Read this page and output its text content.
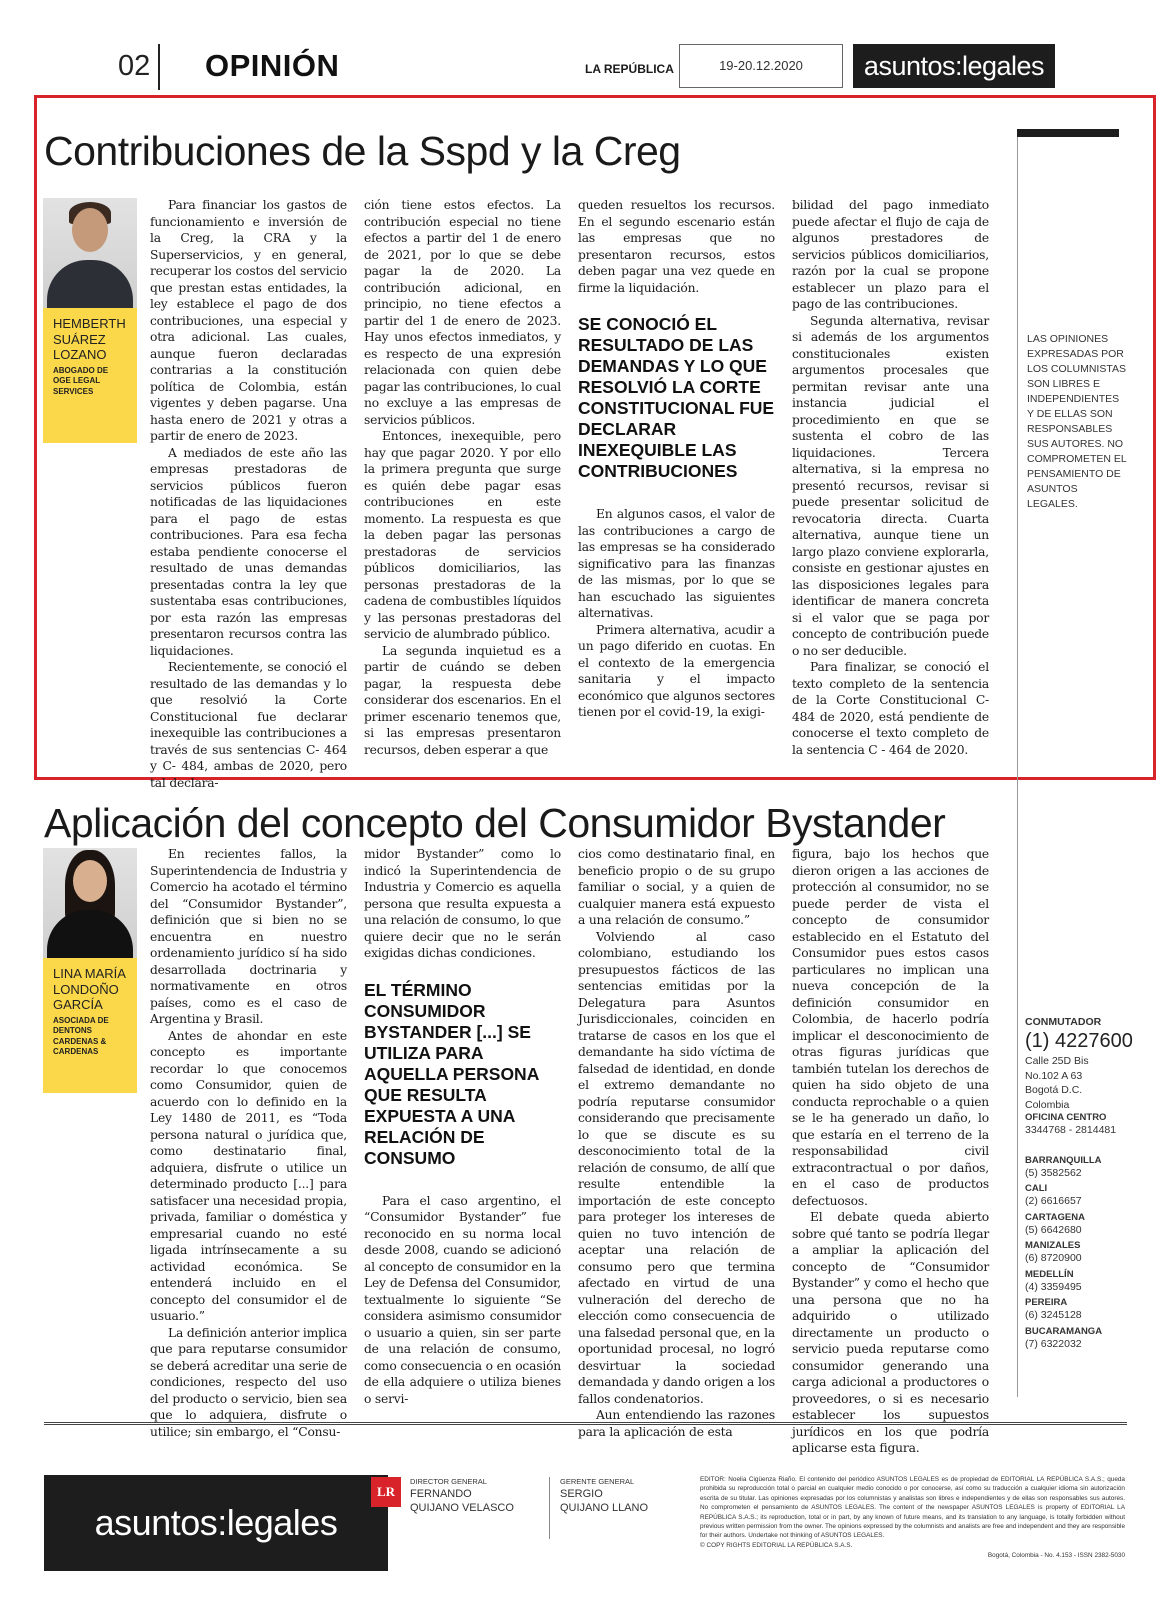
02 OPINIÓN	LA REPÚBLICA	19-20.12.2020	asuntos:legales
Contribuciones de la Sspd y la Creg
HEMBERTH SUÁREZ LOZANO
ABOGADO DE OGE LEGAL SERVICES

Para financiar los gastos de funcionamiento e inversión de la Creg, la CRA y la Superservicios, y en general, recuperar los costos del servicio que prestan estas entidades, la ley establece el pago de dos contribuciones, una especial y otra adicional. Las cuales, aunque fueron declaradas contrarias a la constitución política de Colombia, están vigentes y deben pagarse. Una hasta enero de 2021 y otras a partir de enero de 2023.

A mediados de este año las empresas prestadoras de servicios públicos fueron notificadas de las liquidaciones para el pago de estas contribuciones. Para esa fecha estaba pendiente conocerse el resultado de unas demandas presentadas contra la ley que sustentaba esas contribuciones, por esta razón las empresas presentaron recursos contra las liquidaciones.

Recientemente, se conoció el resultado de las demandas y lo que resolvió la Corte Constitucional fue declarar inexequible las contribuciones a través de sus sentencias C- 464 y C- 484, ambas de 2020, pero tal declara-

ción tiene estos efectos. La contribución especial no tiene efectos a partir del 1 de enero de 2021, por lo que se debe pagar la de 2020. La contribución adicional, en principio, no tiene efectos a partir del 1 de enero de 2023. Hay unos efectos inmediatos, y es respecto de una expresión relacionada con quien debe pagar las contribuciones, lo cual no excluye a las empresas de servicios públicos.

Entonces, inexequible, pero hay que pagar 2020. Y por ello la primera pregunta que surge es quién debe pagar esas contribuciones en este momento. La respuesta es que la deben pagar las personas prestadoras de servicios públicos domiciliarios, las personas prestadoras de la cadena de combustibles líquidos y las personas prestadoras del servicio de alumbrado público.

La segunda inquietud es a partir de cuándo se deben pagar, la respuesta debe considerar dos escenarios. En el primer escenario tenemos que, si las empresas presentaron recursos, deben esperar a que

queden resueltos los recursos. En el segundo escenario están las empresas que no presentaron recursos, estos deben pagar una vez quede en firme la liquidación.

SE CONOCIÓ EL RESULTADO DE LAS DEMANDAS Y LO QUE RESOLVIÓ LA CORTE CONSTITUCIONAL FUE DECLARAR INEXEQUIBLE LAS CONTRIBUCIONES

En algunos casos, el valor de las contribuciones a cargo de las empresas se ha considerado significativo para las finanzas de las mismas, por lo que se han escuchado las siguientes alternativas.

Primera alternativa, acudir a un pago diferido en cuotas. En el contexto de la emergencia sanitaria y el impacto económico que algunos sectores tienen por el covid-19, la exigi-

bilidad del pago inmediato puede afectar el flujo de caja de algunos prestadores de servicios públicos domiciliarios, razón por la cual se propone establecer un plazo para el pago de las contribuciones.

Segunda alternativa, revisar si además de los argumentos constitucionales existen argumentos procesales que permitan revisar ante una instancia judicial el procedimiento en que se sustenta el cobro de las liquidaciones. Tercera alternativa, si la empresa no presentó recursos, revisar si puede presentar solicitud de revocatoria directa. Cuarta alternativa, aunque tiene un largo plazo conviene explorarla, consiste en gestionar ajustes en las disposiciones legales para identificar de manera concreta si el valor que se paga por concepto de contribución puede o no ser deducible.

Para finalizar, se conoció el texto completo de la sentencia de la Corte Constitucional C-484 de 2020, está pendiente de conocerse el texto completo de la sentencia C - 464 de 2020.

Aplicación del concepto del Consumidor Bystander
LINA MARÍA LONDOÑO GARCÍA
ASOCIADA DE DENTONS CARDENAS & CARDENAS

En recientes fallos, la Superintendencia de Industria y Comercio ha acotado el término del “Consumidor Bystander”, definición que si bien no se encuentra en nuestro ordenamiento jurídico sí ha sido desarrollada doctrinaria y normativamente en otros países, como es el caso de Argentina y Brasil.

Antes de ahondar en este concepto es importante recordar lo que conocemos como Consumidor, quien de acuerdo con lo definido en la Ley 1480 de 2011, es “Toda persona natural o jurídica que, como destinatario final, adquiera, disfrute o utilice un determinado producto [...] para satisfacer una necesidad propia, privada, familiar o doméstica y empresarial cuando no esté ligada intrínsecamente a su actividad económica. Se entenderá incluido en el concepto del consumidor el de usuario.”

La definición anterior implica que para reputarse consumidor se deberá acreditar una serie de condiciones, respecto del uso del producto o servicio, bien sea que lo adquiera, disfrute o utilice; sin embargo, el “Consu-

midor Bystander” como lo indicó la Superintendencia de Industria y Comercio es aquella persona que resulta expuesta a una relación de consumo, lo que quiere decir que no le serán exigidas dichas condiciones.

EL TÉRMINO CONSUMIDOR BYSTANDER [...] SE UTILIZA PARA AQUELLA PERSONA QUE RESULTA EXPUESTA A UNA RELACIÓN DE CONSUMO

Para el caso argentino, el “Consumidor Bystander” fue reconocido en su norma local desde 2008, cuando se adicionó al concepto de consumidor en la Ley de Defensa del Consumidor, textualmente lo siguiente “Se considera asimismo consumidor o usuario a quien, sin ser parte de una relación de consumo, como consecuencia o en ocasión de ella adquiere o utiliza bienes o servi-

cios como destinatario final, en beneficio propio o de su grupo familiar o social, y a quien de cualquier manera está expuesto a una relación de consumo.”

Volviendo al caso colombiano, estudiando los presupuestos fácticos de las sentencias emitidas por la Delegatura para Asuntos Jurisdiccionales, coinciden en tratarse de casos en los que el demandante ha sido víctima de falsedad de identidad, en donde el extremo demandante no podría reputarse consumidor considerando que precisamente lo que se discute es su desconocimiento total de la relación de consumo, de allí que resulte entendible la importación de este concepto para proteger los intereses de quien no tuvo intención de aceptar una relación de consumo pero que termina afectado en virtud de una vulneración del derecho de elección como consecuencia de una falsedad personal que, en la oportunidad procesal, no logró desvirtuar la sociedad demandada y dando origen a los fallos condenatorios.

Aun entendiendo las razones para la aplicación de esta

figura, bajo los hechos que dieron origen a las acciones de protección al consumidor, no se puede perder de vista el concepto de consumidor establecido en el Estatuto del Consumidor pues estos casos particulares no implican una nueva concepción de la definición consumidor en Colombia, de hacerlo podría implicar el desconocimiento de otras figuras jurídicas que también tutelan los derechos de quien ha sido objeto de una conducta reprochable o a quien se le ha generado un daño, lo que estaría en el terreno de la responsabilidad civil extracontractual o por daños, en el caso de productos defectuosos.

El debate queda abierto sobre qué tanto se podría llegar a ampliar la aplicación del concepto de “Consumidor Bystander” y como el hecho que una persona que no ha adquirido o utilizado directamente un producto o servicio pueda reputarse como consumidor generando una carga adicional a productores o proveedores, o si es necesario establecer los supuestos jurídicos en los que podría aplicarse esta figura.

LAS OPINIONES EXPRESADAS POR LOS COLUMNISTAS SON LIBRES E INDEPENDIENTES Y DE ELLAS SON RESPONSABLES SUS AUTORES. NO COMPROMETEN EL PENSAMIENTO DE ASUNTOS LEGALES.
CONMUTADOR
(1) 4227600
Calle 25D Bis
No.102 A 63
Bogotá D.C.
Colombia
OFICINA CENTRO
3344768 - 2814481
BARRANQUILLA
(5) 3582562
CALI
(2) 6616657
CARTAGENA
(5) 6642680
MANIZALES
(6) 8720900
MEDELLÍN
(4) 3359495
PEREIRA
(6) 3245128
BUCARAMANGA
(7) 6322032
asuntos:legales
LR
DIRECTOR GENERAL
FERNANDO
QUIJANO VELASCO
GERENTE GENERAL
SERGIO
QUIJANO LLANO
EDITOR: Noelia Cigüenza Riaño. El contenido del periódico ASUNTOS LEGALES es de propiedad de EDITORIAL LA REPÚBLICA S.A.S.; queda prohibida su reproducción total o parcial en cualquier medio conocido o por conocerse, así como su traducción a cualquier idioma sin autorización escrita de su titular. Las opiniones expresadas por los columnistas y analistas son libres e independientes y de ellas son responsables sus autores. No comprometen el pensamiento de ASUNTOS LEGALES. The content of the newspaper ASUNTOS LEGALES is property of EDITORIAL LA REPÚBLICA S.A.S.; its reproduction, total or in part, by any known of future means, and its translation to any language, is totally forbidden without previous written permission from the owner. The opinions expressed by the columnists and analists are free and independent and they are responsible for their authors. Undertake not thinking of ASUNTOS LEGALES.
© COPY RIGHTS EDITORIAL LA REPÚBLICA S.A.S.
Bogotá, Colombia - No. 4.153 - ISSN 2382-5030
